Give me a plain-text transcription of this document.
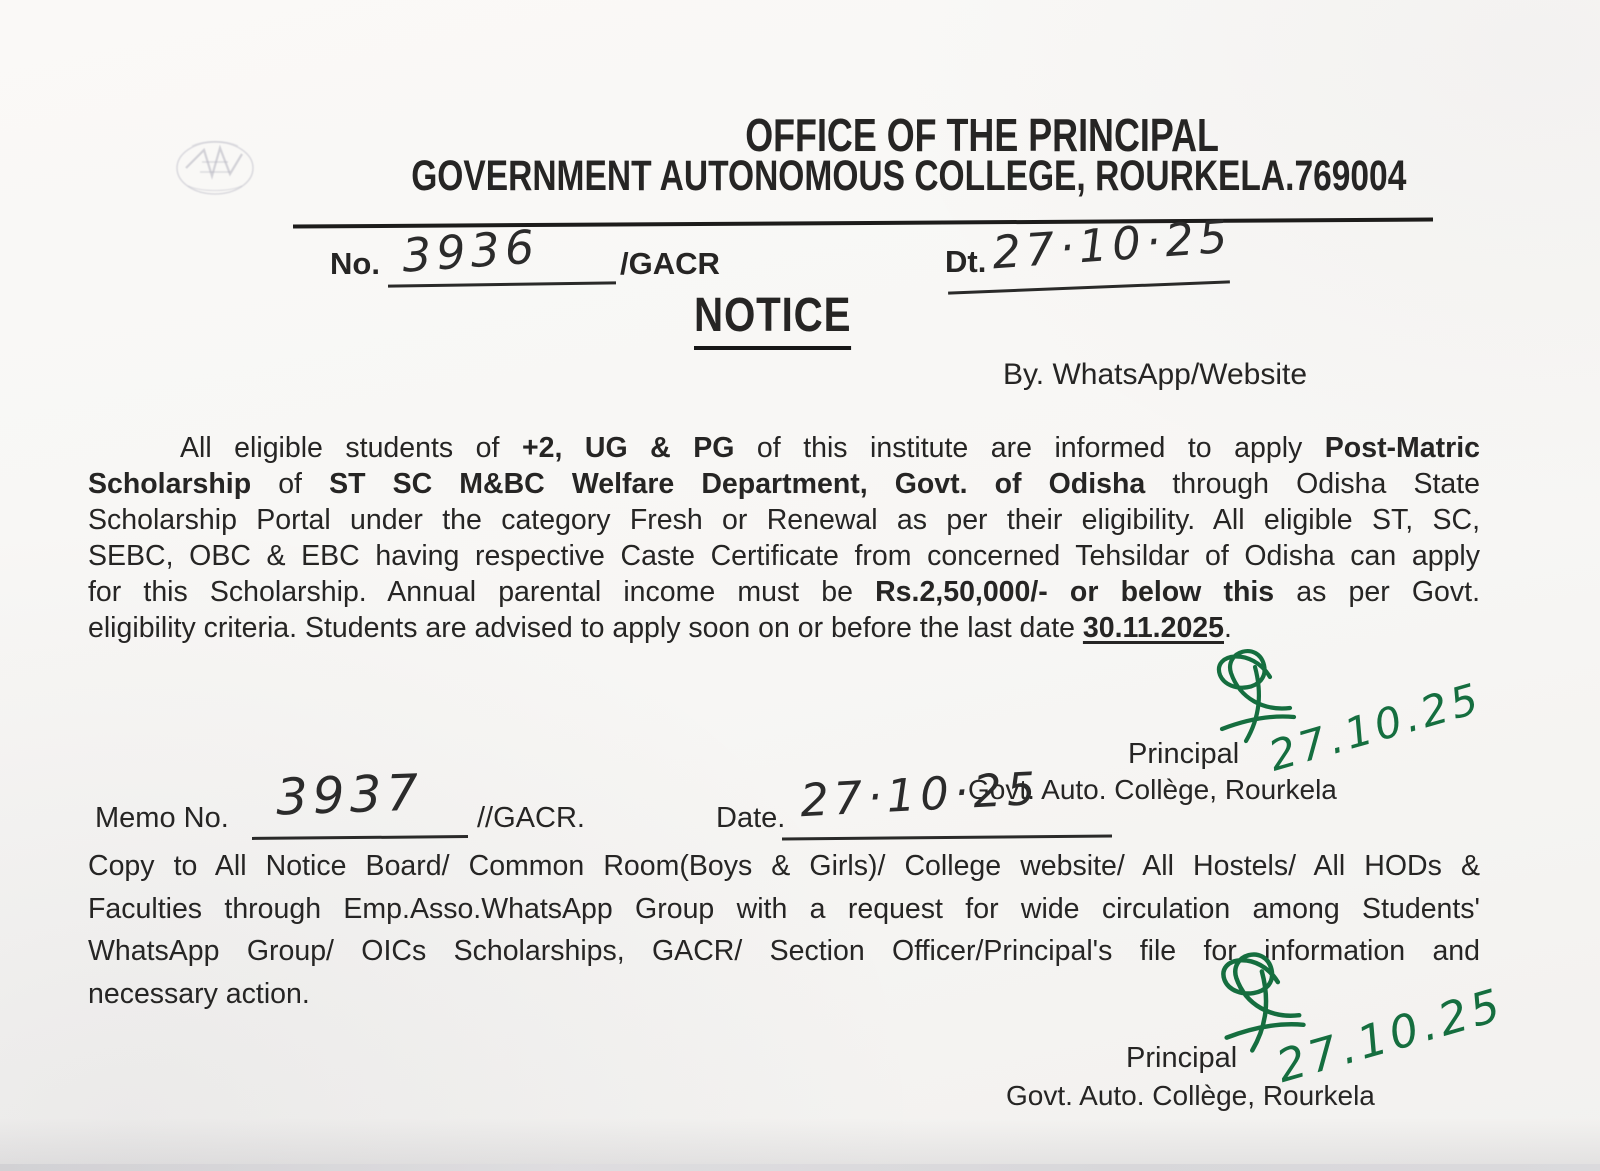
OFFICE OF THE PRINCIPAL
GOVERNMENT AUTONOMOUS COLLEGE, ROURKELA.769004
No. 3936	/GACR	Dt. 27·10·25
NOTICE
By. WhatsApp/Website
All eligible students of +2, UG & PG of this institute are informed to apply Post-Matric
Scholarship of ST SC M&BC Welfare Department, Govt. of Odisha through Odisha State
Scholarship Portal under the category Fresh or Renewal as per their eligibility. All eligible ST, SC,
SEBC, OBC & EBC having respective Caste Certificate from concerned Tehsildar of Odisha can apply
for this Scholarship. Annual parental income must be Rs.2,50,000/- or below this as per Govt.
eligibility criteria. Students are advised to apply soon on or before the last date 30.11.2025.
27.10.25
Principal
Govt. Auto. Collège, Rourkela
Memo No. 3937 //GACR.	Date. 27·10·25
Copy to All Notice Board/ Common Room(Boys & Girls)/ College website/ All Hostels/ All HODs &
Faculties through Emp.Asso.WhatsApp Group with a request for wide circulation among Students'
WhatsApp Group/ OICs Scholarships, GACR/ Section Officer/Principal's file for information and
necessary action.	27.10.25
Principal
Govt. Auto. Collège, Rourkela
